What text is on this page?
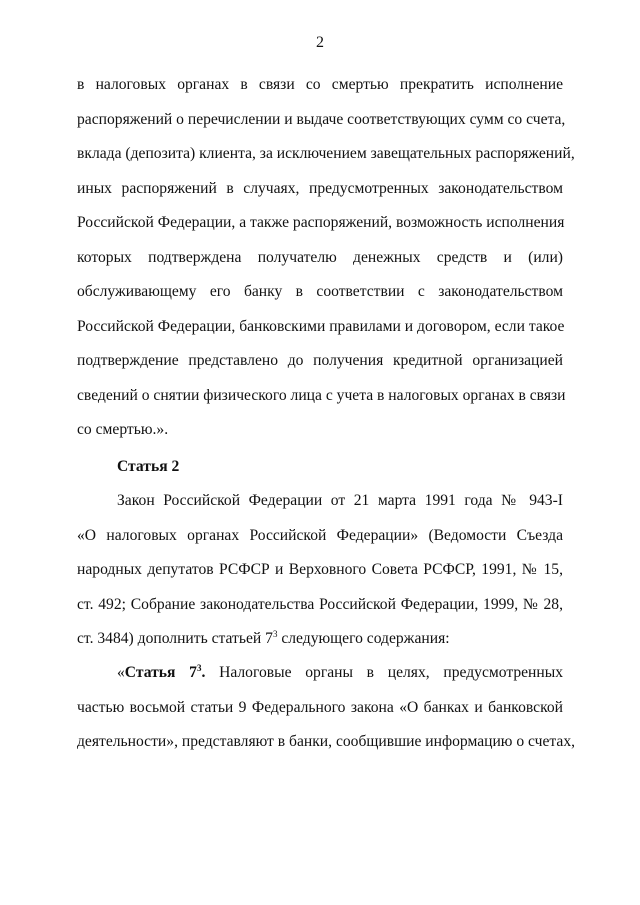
2
в налоговых органах в связи со смертью прекратить исполнение
распоряжений о перечислении и выдаче соответствующих сумм со счета,
вклада (депозита) клиента, за исключением завещательных распоряжений,
иных распоряжений в случаях, предусмотренных законодательством
Российской Федерации, а также распоряжений, возможность исполнения
которых подтверждена получателю денежных средств и (или)
обслуживающему его банку в соответствии с законодательством
Российской Федерации, банковскими правилами и договором, если такое
подтверждение представлено до получения кредитной организацией
сведений о снятии физического лица с учета в налоговых органах в связи
со смертью.».
Статья 2
Закон Российской Федерации от 21 марта 1991 года № 943-I
«О налоговых органах Российской Федерации» (Ведомости Съезда
народных депутатов РСФСР и Верховного Совета РСФСР, 1991, № 15,
ст. 492; Собрание законодательства Российской Федерации, 1999, № 28,
ст. 3484) дополнить статьей $7^3$ следующего содержания:
«Статья $7^3$. Налоговые органы в целях, предусмотренных
частью восьмой статьи 9 Федерального закона «О банках и банковской
деятельности», представляют в банки, сообщившие информацию о счетах,
